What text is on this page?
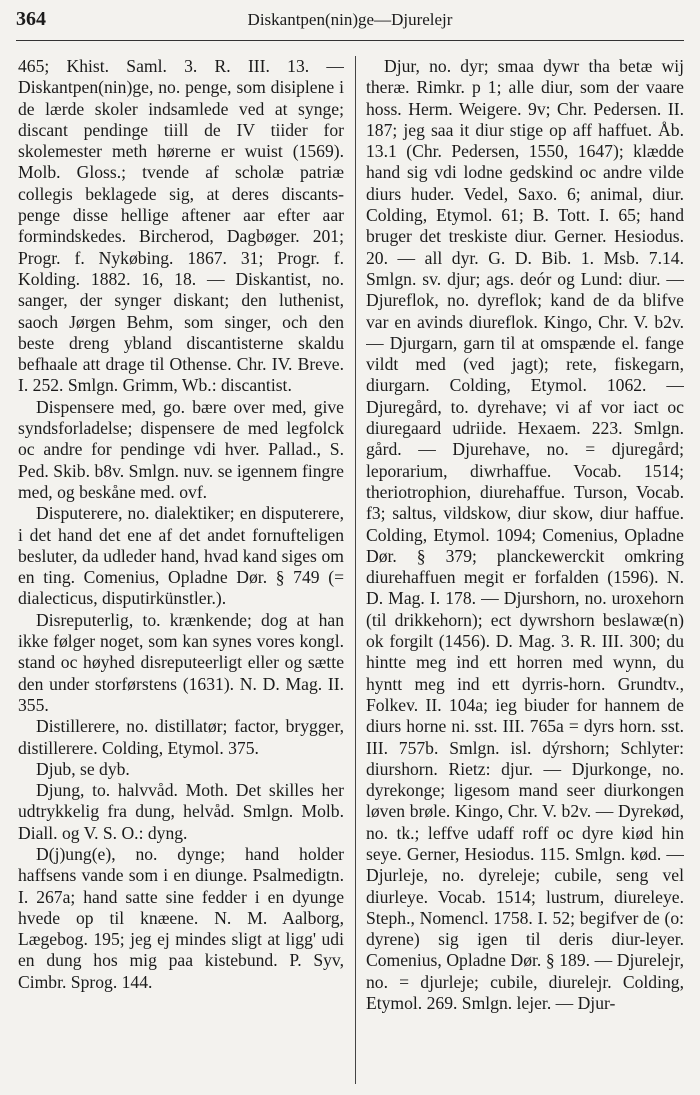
364	Diskantpen(nin)ge—Djurelejr

465; Khist. Saml. 3. R. III. 13. — Diskantpen(nin)ge, no. penge, som disiplene i de lærde skoler indsamlede ved at synge; discant pendinge tiill de IV tiider for skolemester meth hørerne er wuist (1569). Molb. Gloss.; tvende af scholæ patriæ collegis beklagede sig, at deres discants-penge disse hellige aftener aar efter aar formindskedes. Bircherod, Dagbøger. 201; Progr. f. Nykøbing. 1867. 31; Progr. f. Kolding. 1882. 16, 18. — Diskantist, no. sanger, der synger diskant; den luthenist, saoch Jørgen Behm, som singer, och den beste dreng ybland discantisterne skaldu befhaale att drage til Othense. Chr. IV. Breve. I. 252. Smlgn. Grimm, Wb.: discantist.

Dispensere med, go. bære over med, give syndsforladelse; dispensere de med legfolck oc andre for pendinge vdi hver. Pallad., S. Ped. Skib. b8v. Smlgn. nuv. se igennem fingre med, og beskåne med. ovf.

Disputerere, no. dialektiker; en disputerere, i det hand det ene af det andet fornufteligen besluter, da udleder hand, hvad kand siges om en ting. Comenius, Opladne Dør. § 749 (= dialecticus, disputirkünstler.).

Disreputerlig, to. krænkende; dog at han ikke følger noget, som kan synes vores kongl. stand oc høyhed disreputeerligt eller og sætte den under storførstens (1631). N. D. Mag. II. 355.

Distillerere, no. distillatør; factor, brygger, distillerere. Colding, Etymol. 375.

Djub, se dyb.

Djung, to. halvvåd. Moth. Det skilles her udtrykkelig fra dung, helvåd. Smlgn. Molb. Diall. og V. S. O.: dyng.

D(j)ung(e), no. dynge; hand holder haffsens vande som i en diunge. Psalmedigtn. I. 267a; hand satte sine fedder i en dyunge hvede op til knæene. N. M. Aalborg, Lægebog. 195; jeg ej mindes sligt at ligg' udi en dung hos mig paa kistebund. P. Syv, Cimbr. Sprog. 144.

Djur, no. dyr; smaa dywr tha betæ wij theræ. Rimkr. p 1; alle diur, som der vaare hoss. Herm. Weigere. 9v; Chr. Pedersen. II. 187; jeg saa it diur stige op aff haffuet. Åb. 13.1 (Chr. Pedersen, 1550, 1647); klædde hand sig vdi lodne gedskind oc andre vilde diurs huder. Vedel, Saxo. 6; animal, diur. Colding, Etymol. 61; B. Tott. I. 65; hand bruger det treskiste diur. Gerner. Hesiodus. 20. — all dyr. G. D. Bib. 1. Msb. 7.14. Smlgn. sv. djur; ags. deór og Lund: diur. — Djureflok, no. dyreflok; kand de da blifve var en avinds diureflok. Kingo, Chr. V. b2v. — Djurgarn, garn til at omspænde el. fange vildt med (ved jagt); rete, fiskegarn, diurgarn. Colding, Etymol. 1062. — Djuregård, to. dyrehave; vi af vor iact oc diuregaard udriide. Hexaem. 223. Smlgn. gård. — Djurehave, no. = djuregård; leporarium, diwrhaffue. Vocab. 1514; theriotrophion, diurehaffue. Turson, Vocab. f3; saltus, vildskow, diur skow, diur haffue. Colding, Etymol. 1094; Comenius, Opladne Dør. § 379; planckewerckit omkring diurehaffuen megit er forfalden (1596). N. D. Mag. I. 178. — Djurshorn, no. uroxehorn (til drikkehorn); ect dywrshorn beslawæ(n) ok forgilt (1456). D. Mag. 3. R. III. 300; du hintte meg ind ett horren med wynn, du hyntt meg ind ett dyrris-horn. Grundtv., Folkev. II. 104a; ieg biuder for hannem de diurs horne ni. sst. III. 765a = dyrs horn. sst. III. 757b. Smlgn. isl. dýrshorn; Schlyter: diurshorn. Rietz: djur. — Djurkonge, no. dyrekonge; ligesom mand seer diurkongen løven brøle. Kingo, Chr. V. b2v. — Dyrekød, no. tk.; leffve udaff roff oc dyre kiød hin seye. Gerner, Hesiodus. 115. Smlgn. kød. — Djurleje, no. dyreleje; cubile, seng vel diurleye. Vocab. 1514; lustrum, diureleye. Steph., Nomencl. 1758. I. 52; begifver de (o: dyrene) sig igen til deris diur-leyer. Comenius, Opladne Dør. § 189. — Djurelejr, no. = djurleje; cubile, diurelejr. Colding, Etymol. 269. Smlgn. lejer. — Djur-
